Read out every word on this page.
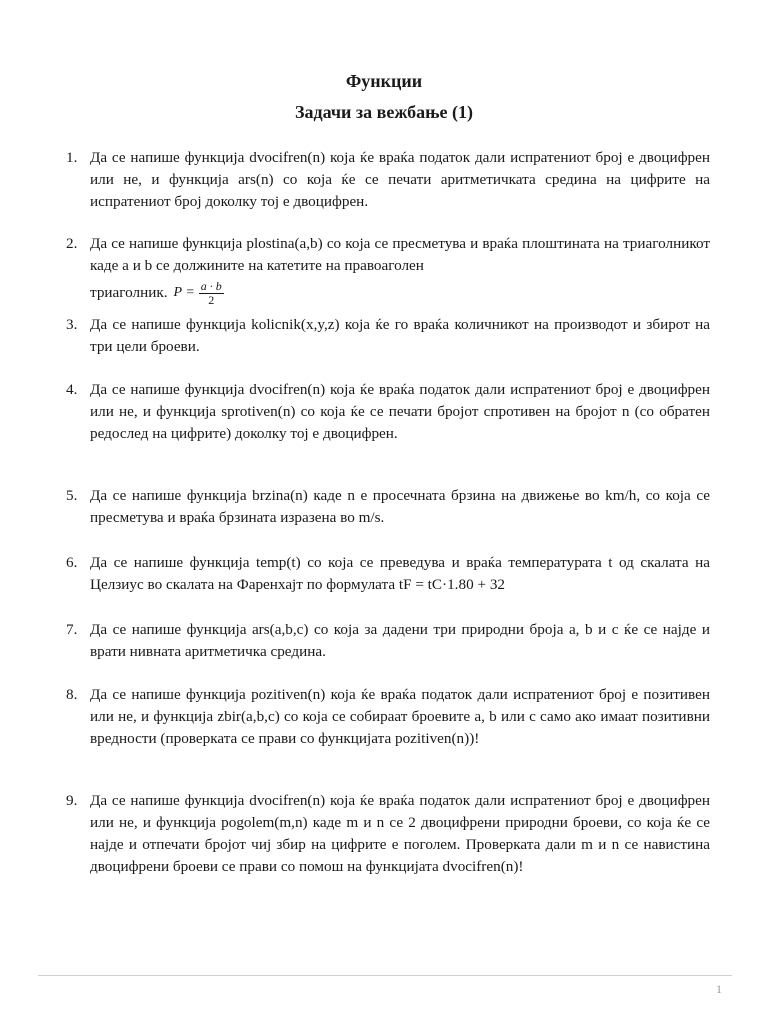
Функции
Задачи за вежбање (1)
1. Да се напише функција dvocifren(n) која ќе враќа податок дали испратениот број е двоцифрен или не, и функција ars(n) со која ќе се печати аритметичката средина на цифрите на испратениот број доколку тој е двоцифрен.
2. Да се напише функција plostina(a,b) со која се пресметува и враќа плоштината на триаголникот каде а и b се должините на катетите на правоаголен
триаголник. $P = \frac{a \cdot b}{2}$
3. Да се напише функција kolicnik(x,y,z) која ќе го враќа количникот на производот и збирот на три цели броеви.
4. Да се напише функција dvocifren(n) која ќе враќа податок дали испратениот број е двоцифрен или не, и функција sprotiven(n) со која ќе се печати бројот спротивен на бројот n (со обратен редослед на цифрите) доколку тој е двоцифрен.
5. Да се напише функција brzina(n) каде n е просечната брзина на движење во km/h, со која се пресметува и враќа брзината изразена во m/s.
6. Да се напише функција temp(t) со која се преведува и враќа температурата t од скалата на Целзиус во скалата на Фаренхајт по формулата tF = tC·1.80 + 32
7. Да се напише функција ars(a,b,c) со која за дадени три природни броја a, b и c ќе се најде и врати нивната аритметичка средина.
8. Да се напише функција pozitiven(n) која ќе враќа податок дали испратениот број е позитивен или не, и функција zbir(a,b,c) со која се собираат броевите a, b или c само ако имаат позитивни вредности (проверката се прави со функцијата pozitiven(n))!
9. Да се напише функција dvocifren(n) која ќе враќа податок дали испратениот број е двоцифрен или не, и функција pogolem(m,n) каде m и n се 2 двоцифрени природни броеви, со која ќе се најде и отпечати бројот чиј збир на цифрите е поголем. Проверката дали m и n се навистина двоцифрени броеви се прави со помош на функцијата dvocifren(n)!
1
